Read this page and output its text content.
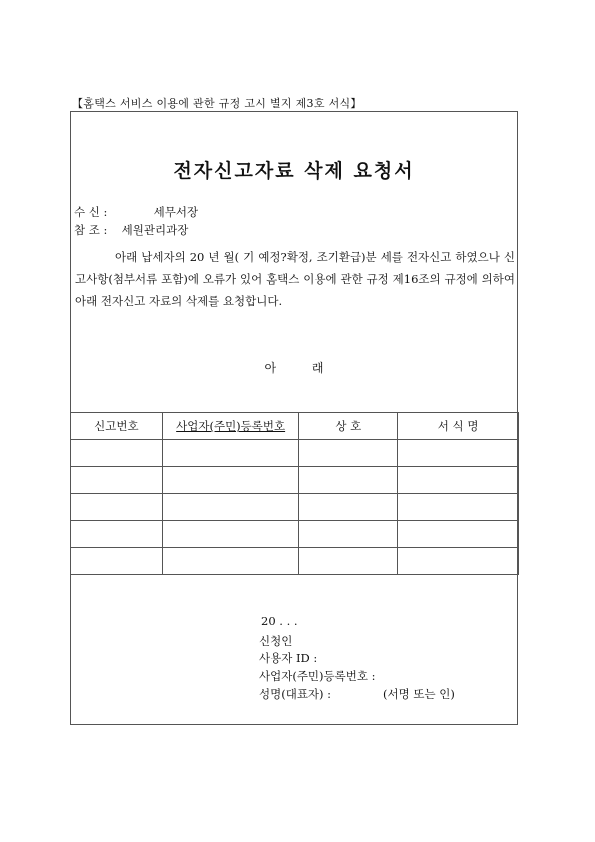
【홈택스 서비스 이용에 관한 규정 고시 별지 제3호 서식】
전자신고자료 삭제 요청서
수 신 :	세무서장
참 조 : 세원관리과장
아래 납세자의 20 년 월( 기 예정?확정, 조기환급)분 세를 전자신고 하였으나 신고사항(첨부서류 포함)에 오류가 있어 홈택스 이용에 관한 규정 제16조의 규정에 의하여 아래 전자신고 자료의 삭제를 요청합니다.
아 래
신고번호	사업자(주민)등록번호	상 호	서 식 명

20 . . .
신청인
사용자 ID :
사업자(주민)등록번호 :
성명(대표자) :	(서명 또는 인)
